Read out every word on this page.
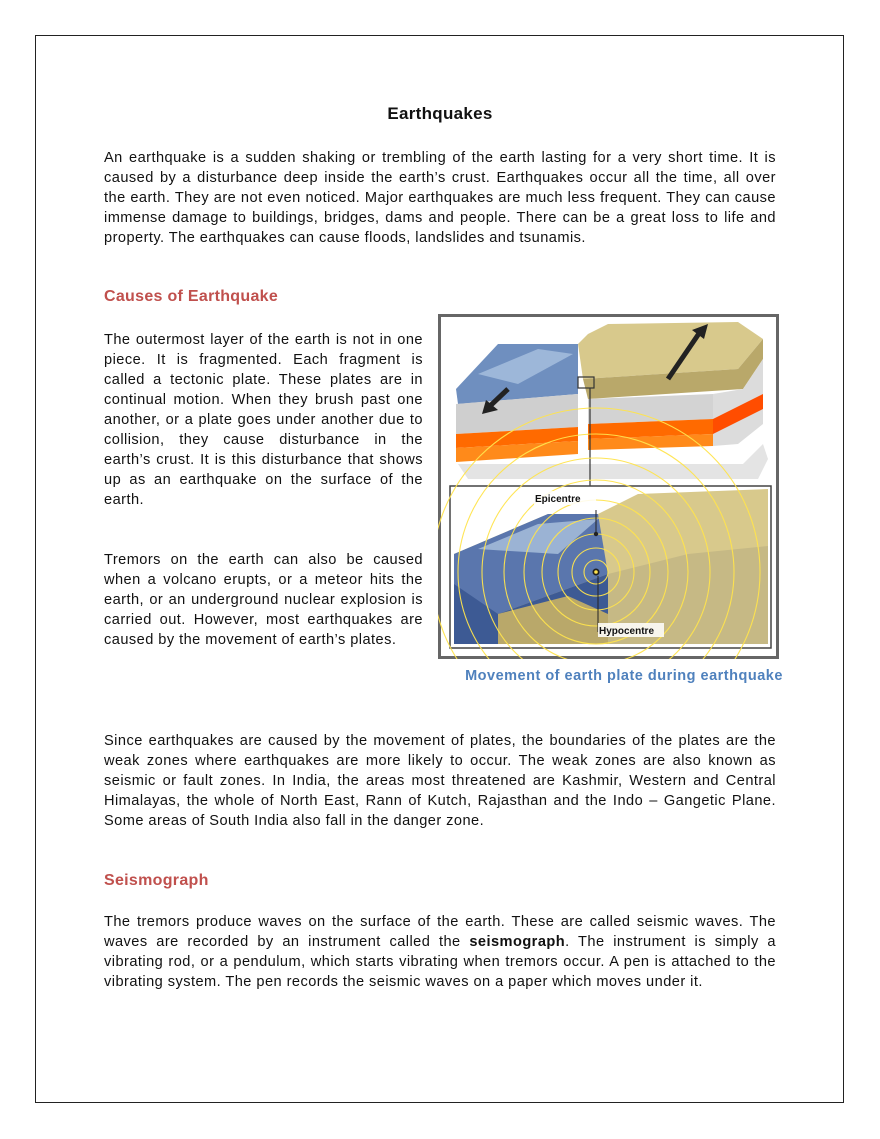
Earthquakes

An earthquake is a sudden shaking or trembling of the earth lasting for a very short time. It is caused by a disturbance deep inside the earth’s crust. Earthquakes occur all the time, all over the earth. They are not even noticed. Major earthquakes are much less frequent. They can cause immense damage to buildings, bridges, dams and people. There can be a great loss to life and property. The earthquakes can cause floods, landslides and tsunamis.

Causes of Earthquake

The outermost layer of the earth is not in one piece. It is fragmented. Each fragment is called a tectonic plate. These plates are in continual motion. When they brush past one another, or a plate goes under another due to collision, they cause disturbance in the earth’s crust. It is this disturbance that shows up as an earthquake on the surface of the earth.

Tremors on the earth can also be caused when a volcano erupts, or a meteor hits the earth, or an underground nuclear explosion is carried out. However, most earthquakes are caused by the movement of earth’s plates.

Epicentre
Hypocentre
Movement of earth plate during earthquake

Since earthquakes are caused by the movement of plates, the boundaries of the plates are the weak zones where earthquakes are more likely to occur. The weak zones are also known as seismic or fault zones. In India, the areas most threatened are Kashmir, Western and Central Himalayas, the whole of North East, Rann of Kutch, Rajasthan and the Indo – Gangetic Plane. Some areas of South India also fall in the danger zone.

Seismograph

The tremors produce waves on the surface of the earth. These are called seismic waves. The waves are recorded by an instrument called the seismograph. The instrument is simply a vibrating rod, or a pendulum, which starts vibrating when tremors occur. A pen is attached to the vibrating system. The pen records the seismic waves on a paper which moves under it.
